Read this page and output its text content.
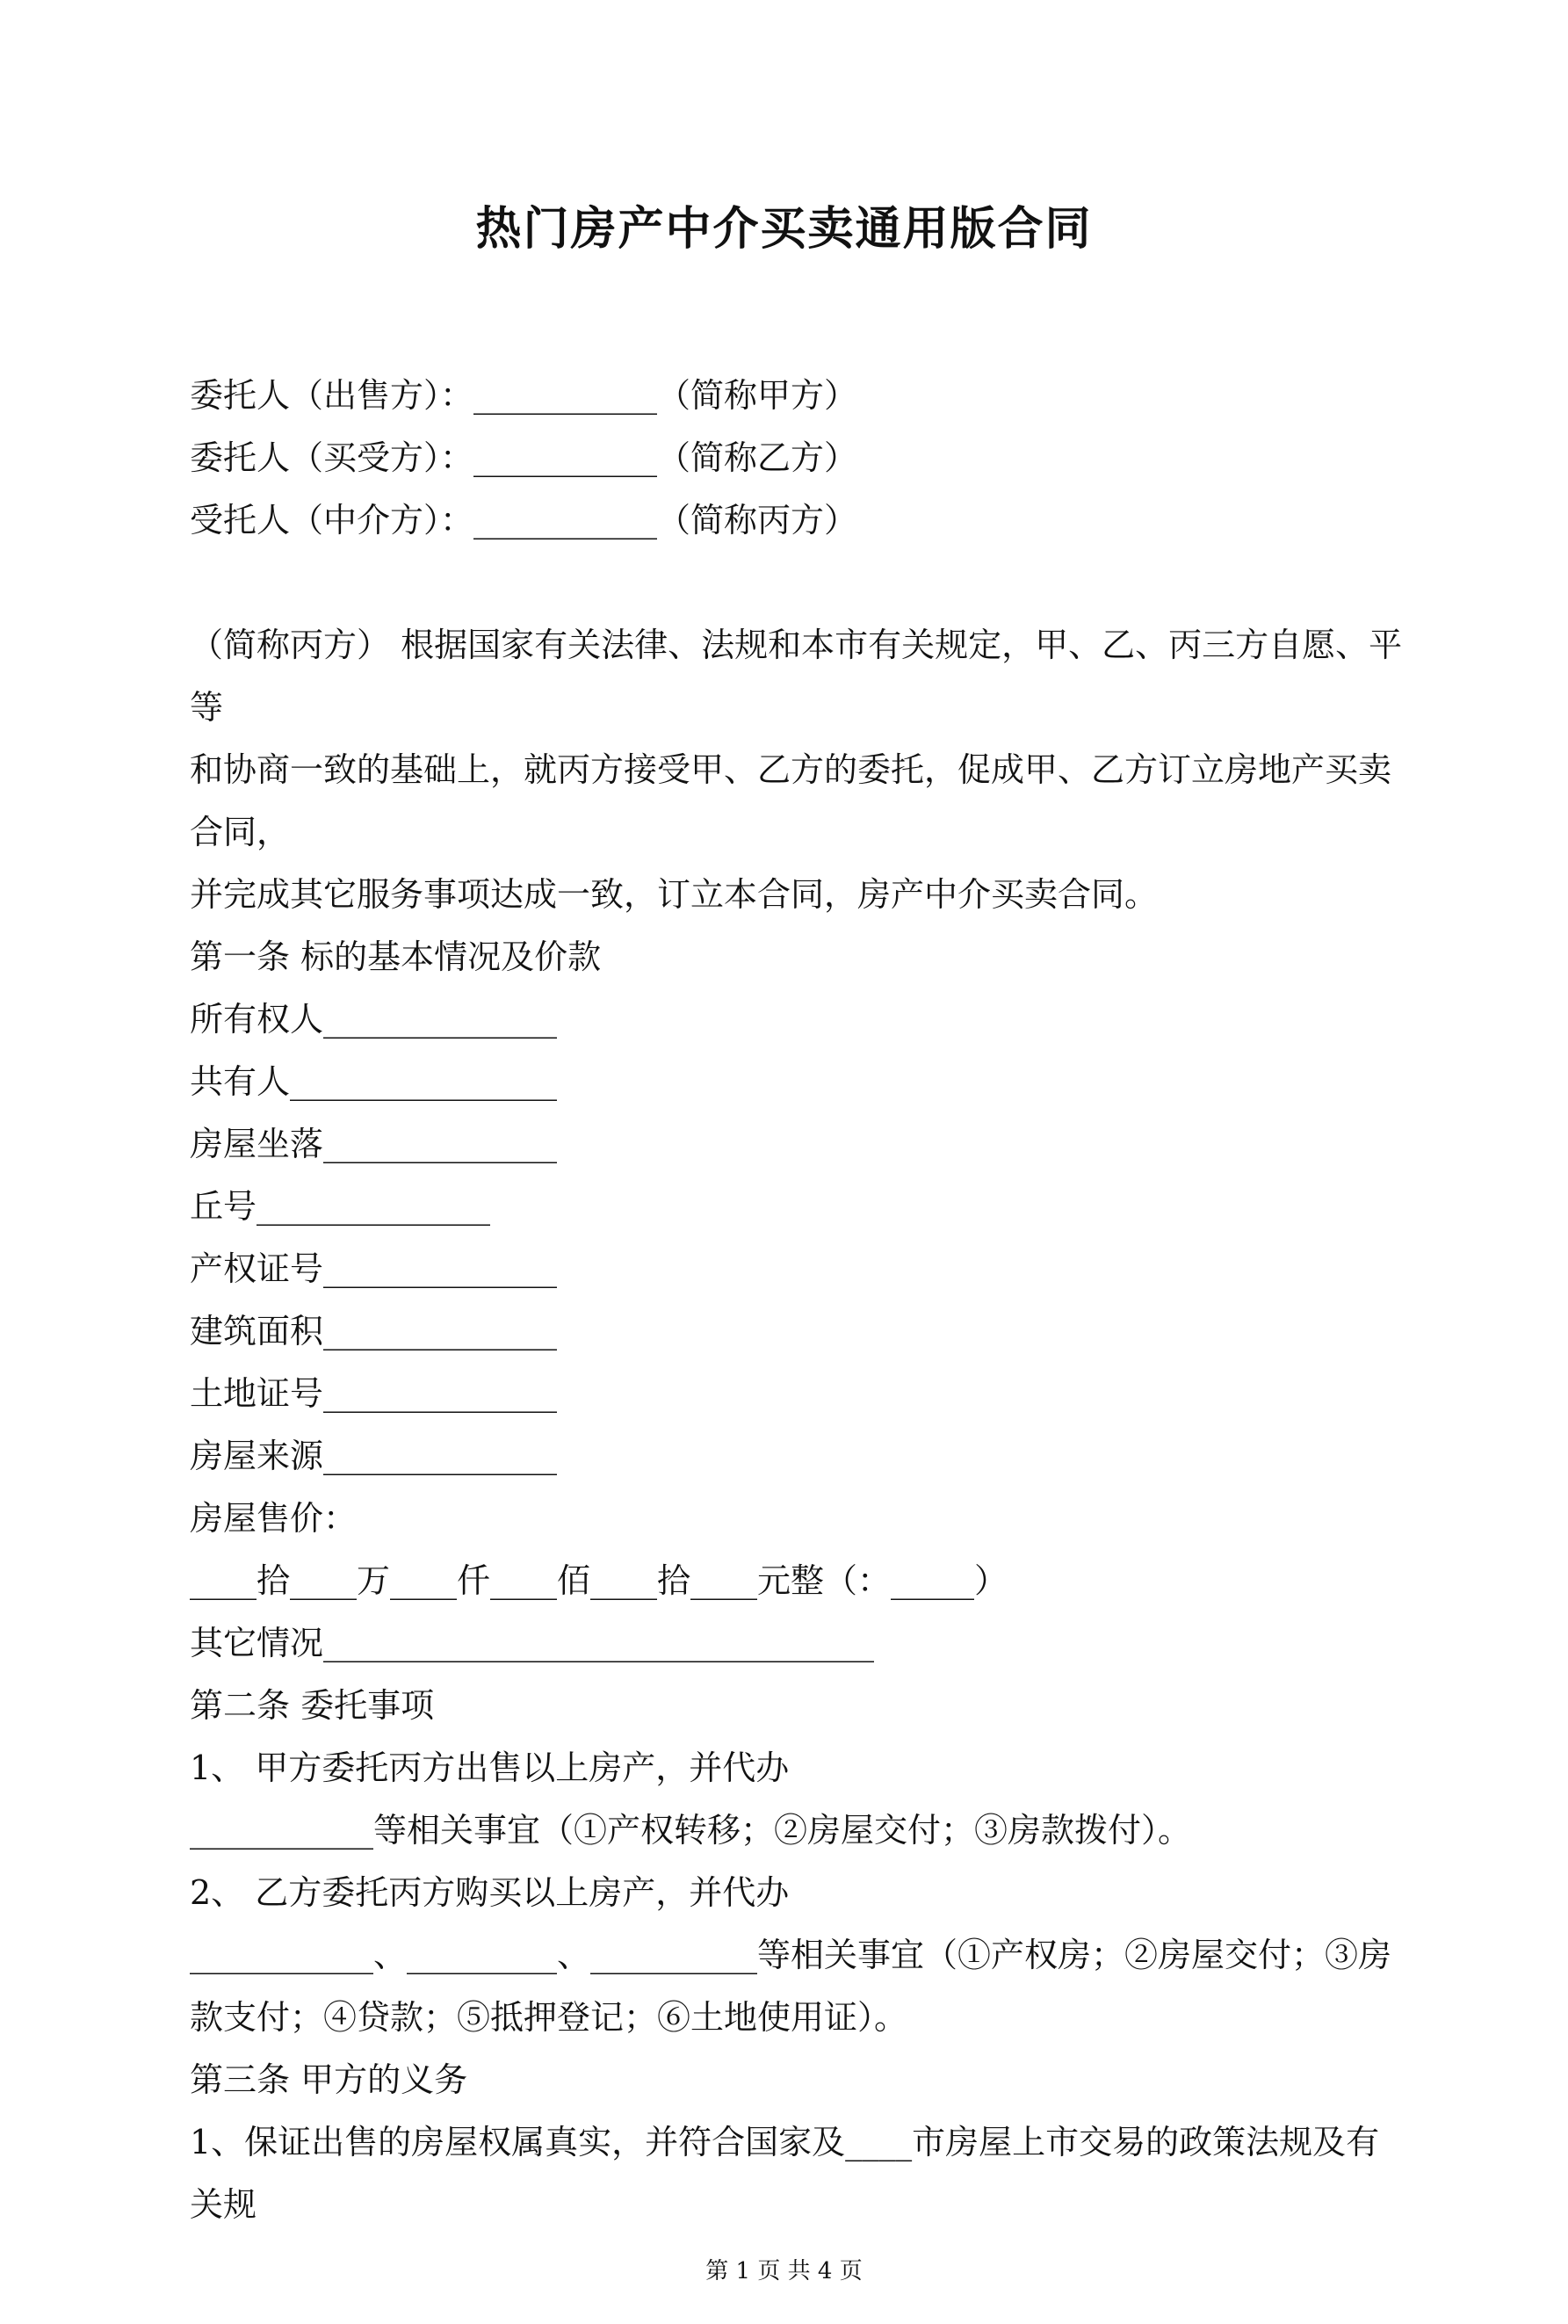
热门房产中介买卖通用版合同
委托人（出售方）：___________（简称甲方）
委托人（买受方）：___________（简称乙方）
受托人（中介方）：___________（简称丙方）
（简称丙方） 根据国家有关法律、法规和本市有关规定，甲、乙、丙三方自愿、平等
和协商一致的基础上，就丙方接受甲、乙方的委托，促成甲、乙方订立房地产买卖合同，
并完成其它服务事项达成一致，订立本合同，房产中介买卖合同。
第一条 标的基本情况及价款
所有权人______________
共有人________________
房屋坐落______________
丘号______________
产权证号______________
建筑面积______________
土地证号______________
房屋来源______________
房屋售价：
____拾____万____仟____佰____拾____元整（：_____）
其它情况_________________________________
第二条 委托事项
1、 甲方委托丙方出售以上房产，并代办
___________等相关事宜（①产权转移；②房屋交付；③房款拨付）。
2、 乙方委托丙方购买以上房产，并代办
___________、_________、__________等相关事宜（①产权房；②房屋交付；③房
款支付；④贷款；⑤抵押登记；⑥土地使用证）。
第三条 甲方的义务
1、保证出售的房屋权属真实，并符合国家及____市房屋上市交易的政策法规及有关规
第 1 页 共 4 页
